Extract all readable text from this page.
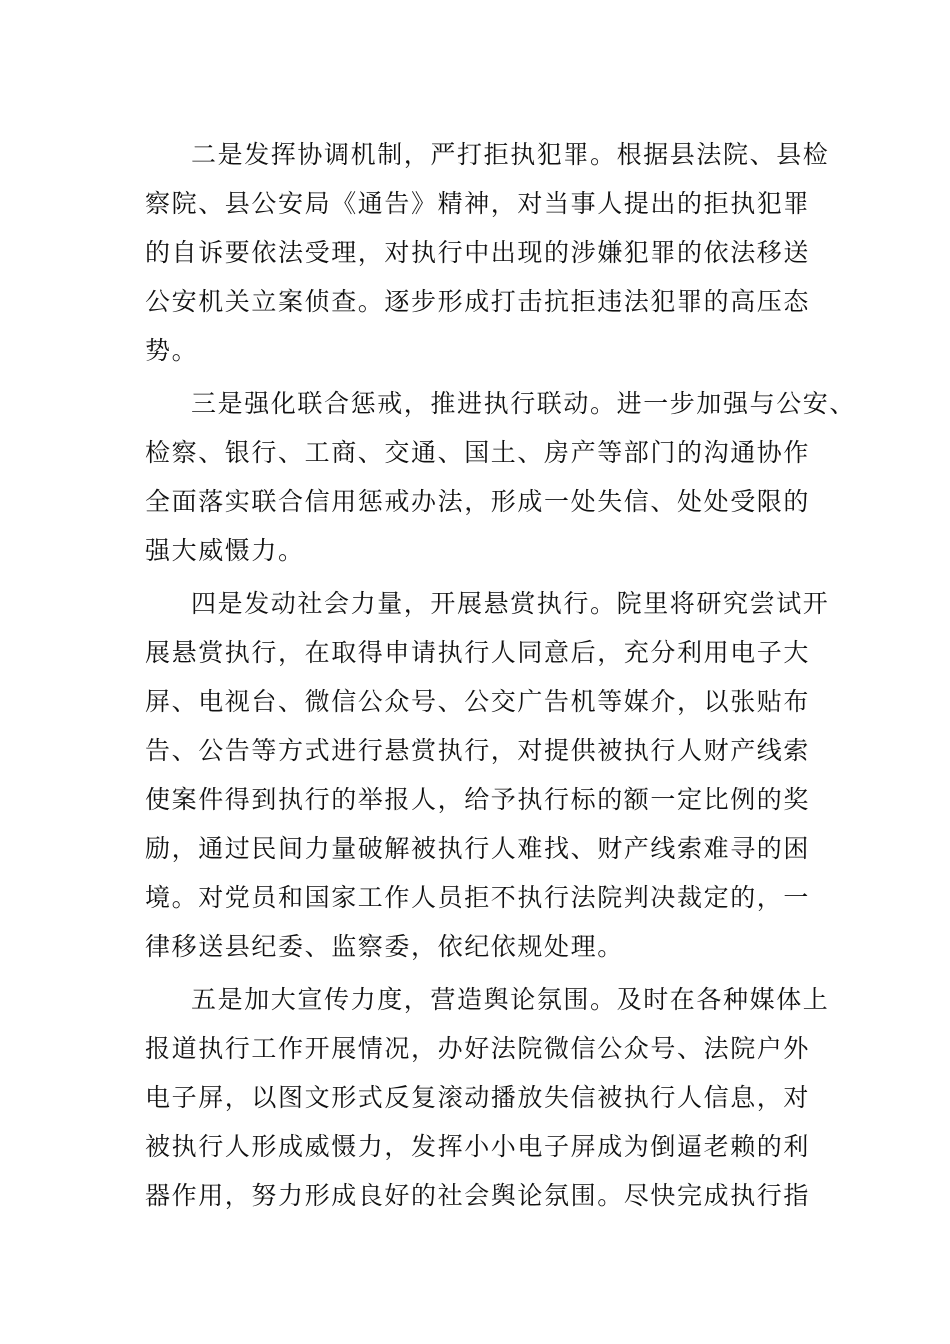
二是发挥协调机制，严打拒执犯罪。根据县法院、县检
察院、县公安局《通告》精神，对当事人提出的拒执犯罪
的自诉要依法受理，对执行中出现的涉嫌犯罪的依法移送
公安机关立案侦查。逐步形成打击抗拒违法犯罪的高压态
势。

三是强化联合惩戒，推进执行联动。进一步加强与公安、
检察、银行、工商、交通、国土、房产等部门的沟通协作
全面落实联合信用惩戒办法，形成一处失信、处处受限的
强大威慑力。

四是发动社会力量，开展悬赏执行。院里将研究尝试开
展悬赏执行，在取得申请执行人同意后，充分利用电子大
屏、电视台、微信公众号、公交广告机等媒介，以张贴布
告、公告等方式进行悬赏执行，对提供被执行人财产线索
使案件得到执行的举报人，给予执行标的额一定比例的奖
励，通过民间力量破解被执行人难找、财产线索难寻的困
境。对党员和国家工作人员拒不执行法院判决裁定的，一
律移送县纪委、监察委，依纪依规处理。

五是加大宣传力度，营造舆论氛围。及时在各种媒体上
报道执行工作开展情况，办好法院微信公众号、法院户外
电子屏，以图文形式反复滚动播放失信被执行人信息，对
被执行人形成威慑力，发挥小小电子屏成为倒逼老赖的利
器作用，努力形成良好的社会舆论氛围。尽快完成执行指
